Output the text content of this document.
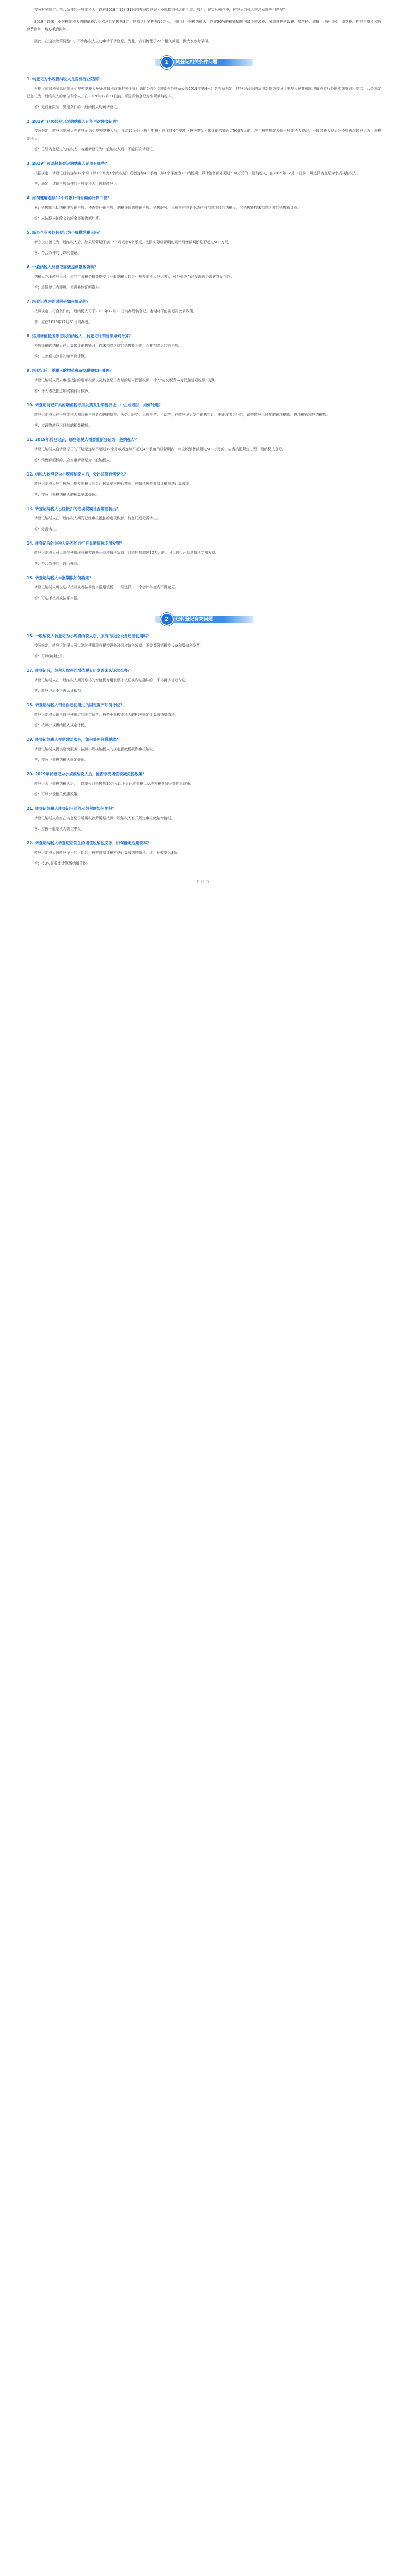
按照有关规定，符合条件的一般纳税人可以在2019年12月31日前办理转登记为小规模纳税人的手续。那么，在实际操作中，转登记纳税人应注意哪些问题呢？

2019年以来，小规模纳税人的增值税起征点从月销售额3万元提高到月销售额10万元，同时对小规模纳税人可以在50%的税额幅度内减征资源税、城市维护建设税、房产税、城镇土地使用税、印花税、耕地占用税和教育费附加、地方教育附加。

因此，在这次政策调整中，不少纳税人主动申请了转登记。为此，我们梳理了22个相关问题，供大家参考学习。

1	转登记相关条件问题
1. 转登记为小规模纳税人是否有行业限制？

根据《国家税务总局关于小规模纳税人免征增值税政策有关征管问题的公告》（国家税务总局公告2019年第4号）第五条规定，转登记政策的适用对象为按照《中华人民共和国增值税暂行条例实施细则》第二十八条规定已登记为一般纳税人的单位和个人，在2019年12月31日前，可选择转登记为小规模纳税人。

答：无行业限制，满足条件的一般纳税人均可转登记。

2. 2019年已经转登记过的纳税人还能再次转登记吗？

按照规定，转登记纳税人在转登记为小规模纳税人后，连续12个月（按月申报）或连续4个季度（按季申报）累计销售额超过500万元的，应当按照规定办理一般纳税人登记，一般纳税人登记后不得再次转登记为小规模纳税人。

答：已经转登记过的纳税人，若重新登记为一般纳税人后，不能再次转登记。

3. 2019年可选择转登记的纳税人范围有哪些？

根据规定，转登记日前连续12个月（以1个月为1个纳税期）或者连续4个季度（以1个季度为1个纳税期）累计销售额未超过500万元的一般纳税人，在2019年12月31日前，可选择转登记为小规模纳税人。

答：满足上述销售额条件的一般纳税人可选择转登记。

4. 如何理解连续12个月累计销售额的计算口径？

累计销售额包括纳税申报销售额、稽查查补销售额、纳税评估调整销售额。销售服务、无形资产或者不动产有扣除项目的纳税人，其销售额按未扣除之前的销售额计算。

答：应按照未扣除之前的全部销售额计算。

5. 新办企业可以转登记为小规模纳税人吗？

新办企业登记为一般纳税人后，如果经营期不满12个月或者4个季度，按照实际经营期的累计销售额判断是否超过500万元。

答：符合条件的可以转登记。

6. 一般纳税人转登记需要提供哪些资料？

纳税人办理转登记时，应向主管税务机关提交《一般纳税人转为小规模纳税人登记表》，税务机关当场受理并办理转登记手续。

答：填报登记表即可，无需其他证明资料。

7. 转登记办理的时限是如何规定的？

按照规定，符合条件的一般纳税人可于2019年12月31日前办理转登记，逾期将不能再适用此项政策。

答：应在2019年12月31日前办理。

8. 适用增值税差额征税的纳税人，转登记时销售额如何计算？

差额征税的纳税人在计算累计销售额时，以未扣除之前的销售额为准，而非扣除后的销售额。

答：以差额扣除前的销售额计算。

9. 转登记后，纳税人的增值税留抵税额如何处理？

转登记纳税人尚未申报抵扣的进项税额以及转登记日当期的期末留抵税额，计入“应交税费—待抵扣进项税额”核算。

答：计入待抵扣进项税额科目核算。

10. 转登记前已开具的增值税专用发票发生销售折让、中止或退回，如何处理？

转登记纳税人在一般纳税人期间销售或者购进的货物、劳务、服务、无形资产、不动产，在转登记后发生销售折让、中止或者退回的，调整转登记日前的销项税额、进项税额和应纳税额。

答：应调整转登记日前的相关税额。

11. 2019年转登记后，哪些纳税人需要重新登记为一般纳税人？

转登记纳税人自转登记日的下期起连续不超过12个月或者连续不超过4个季度的经营期内，年应税销售额超过500万元的，应当按照规定办理一般纳税人登记。

答：销售额超标的，应当重新登记为一般纳税人。

12. 纳税人转登记为小规模纳税人后，会计核算有何变化？

转登记纳税人应当按照小规模纳税人的会计核算要求进行核算，增值税按照简易计税方法计算缴纳。

答：按照小规模纳税人的核算要求处理。

13. 转登记纳税人已经抵扣的进项税额是否需要转出？

转登记纳税人在一般纳税人期间已经申报抵扣的进项税额，转登记后无需转出。

答：无需转出。

14. 转登记后的纳税人是否能自行开具增值税专用发票？

转登记纳税人可以继续使用现有税控设备开具增值税发票，月销售额超过10万元的，可以自行开具增值税专用发票。

答：符合条件的可自行开具。

15. 转登记纳税人申报期限如何确定？

转登记纳税人可以选择按月或者按季度申报增值税，一经选择，一个会计年度内不得变更。

答：可选择按月或按季申报。

2	已转登记有关问题
16. 一般纳税人转登记为小规模纳税人后，原有的税控设备还能使用吗？

按照规定，转登记纳税人可以继续使用现有税控设备开具增值税发票，不需要缴销税控设备和增值税发票。

答：可以继续使用。

17. 转登记后，纳税人取得的增值税专用发票未认证怎么办？

转登记纳税人在一般纳税人期间取得的增值税专用发票未认证或勾选确认的，不得再认证或勾选。

答：转登记后不得再认证抵扣。

18. 转登记纳税人销售自己使用过的固定资产如何计税？

转登记纳税人销售自己使用过的固定资产，按照小规模纳税人的相关规定计算缴纳增值税。

答：按照小规模纳税人规定计税。

19. 转登记纳税人提供建筑服务，如何处理预缴税款？

转登记纳税人提供建筑服务，按照小规模纳税人的规定预缴税款和申报纳税。

答：按照小规模纳税人规定处理。

20. 2019年转登记为小规模纳税人后，能否享受增值税减免税政策？

转登记为小规模纳税人后，可以享受月销售额10万元以下免征增值税以及地方税费减征等优惠政策。

答：可以享受相关优惠政策。

21. 转登记纳税人转登记日前的应纳税额如何申报？

转登记纳税人应当在转登记日所属税款所属期按照一般纳税人有关规定申报缴纳增值税。

答：应按一般纳税人规定申报。

22. 转登记纳税人转登记后发生的增值税纳税义务，如何确定适用税率？

转登记纳税人自转登记日的下期起，按照简易计税方法计算缴纳增值税，适用征收率为3%。

答：按3%征收率计算缴纳增值税。

END
